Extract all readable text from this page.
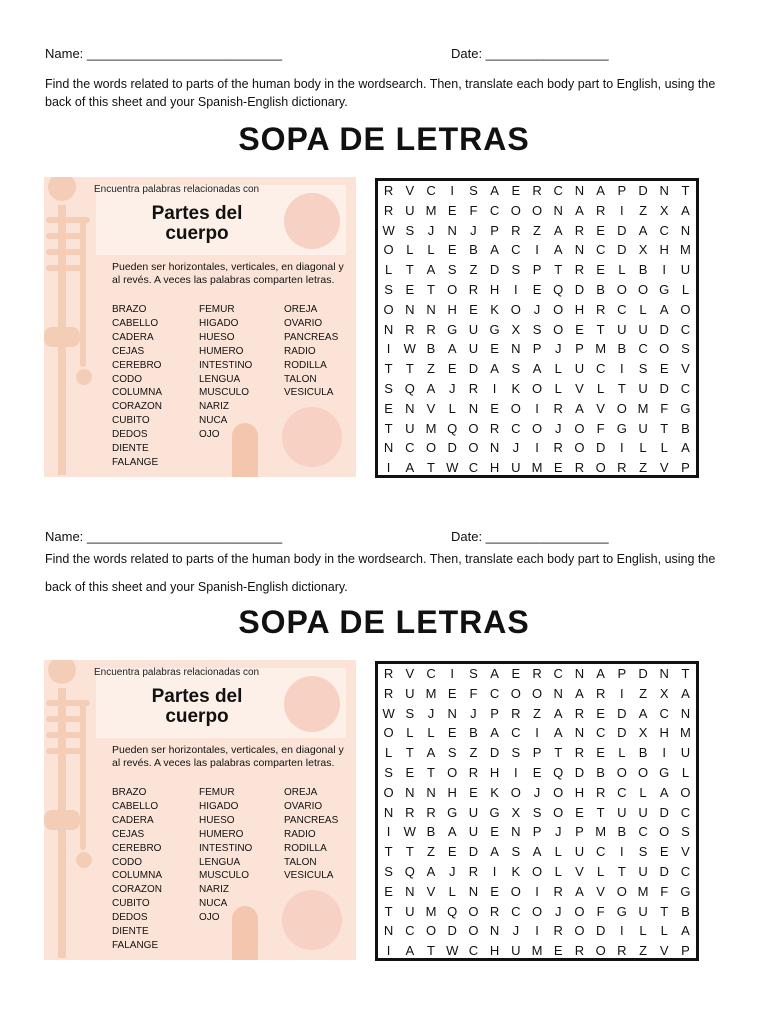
Name: ___________________________	Date: _________________
Find the words related to parts of the human body in the wordsearch. Then, translate each body part to English, using the back of this sheet and your Spanish-English dictionary.
SOPA DE LETRAS
Encuentra palabras relacionadas con
Partes del
cuerpo
Pueden ser horizontales, verticales, en diagonal y al revés. A veces las palabras comparten letras.
BRAZO
CABELLO
CADERA
CEJAS
CEREBRO
CODO
COLUMNA
CORAZON
CUBITO
DEDOS
DIENTE
FALANGE
FEMUR
HIGADO
HUESO
HUMERO
INTESTINO
LENGUA
MUSCULO
NARIZ
NUCA
OJO
OREJA
OVARIO
PANCREAS
RADIO
RODILLA
TALON
VESICULA
R V C	I	S A E R C N A P D N T
R U M E F C O O N A R	I	Z X A
W S	J	N	J	P R Z A R E D A C N
O L	L	E B A C	I	A N C D X H M
L	T A S Z D S P T R E	L	B	I	U
S E T O R H	I	E Q D B O O G L
O N N H E K O J O H R C L	A O
N R R G U G X S O E T U U D C
I	W B A U E N P	J	P M B C O S
T	T	Z E D A S A	L U C	I	S E V
S Q A	J	R	I	K O L	V	L	T U D C
E N V	L N E O	I	R A V O M F G
T U M Q O R C O J O F G U T B
N C O D O N	J	I	R O D	I	L	L	A
I	A T W C H U M E R O R Z V P
Name: ___________________________	Date: _________________
Find the words related to parts of the human body in the wordsearch. Then, translate each body part to English, using the back of this sheet and your Spanish-English dictionary.
SOPA DE LETRAS
Encuentra palabras relacionadas con
Partes del
cuerpo
Pueden ser horizontales, verticales, en diagonal y al revés. A veces las palabras comparten letras.
BRAZO
CABELLO
CADERA
CEJAS
CEREBRO
CODO
COLUMNA
CORAZON
CUBITO
DEDOS
DIENTE
FALANGE
FEMUR
HIGADO
HUESO
HUMERO
INTESTINO
LENGUA
MUSCULO
NARIZ
NUCA
OJO
OREJA
OVARIO
PANCREAS
RADIO
RODILLA
TALON
VESICULA
R V C	I	S A E R C N A P D N T
R U M E F C O O N A R	I	Z X A
W S	J	N	J	P R Z A R E D A C N
O L	L	E B A C	I	A N C D X H M
L	T A S Z D S P T R E	L	B	I	U
S E T O R H	I	E Q D B O O G L
O N N H E K O J O H R C L	A O
N R R G U G X S O E T U U D C
I	W B A U E N P	J	P M B C O S
T	T	Z E D A S A	L U C	I	S E V
S Q A	J	R	I	K O L	V	L	T U D C
E N V	L N E O	I	R A V O M F G
T U M Q O R C O J O F G U T B
N C O D O N	J	I	R O D	I	L	L	A
I	A T W C H U M E R O R Z V P
